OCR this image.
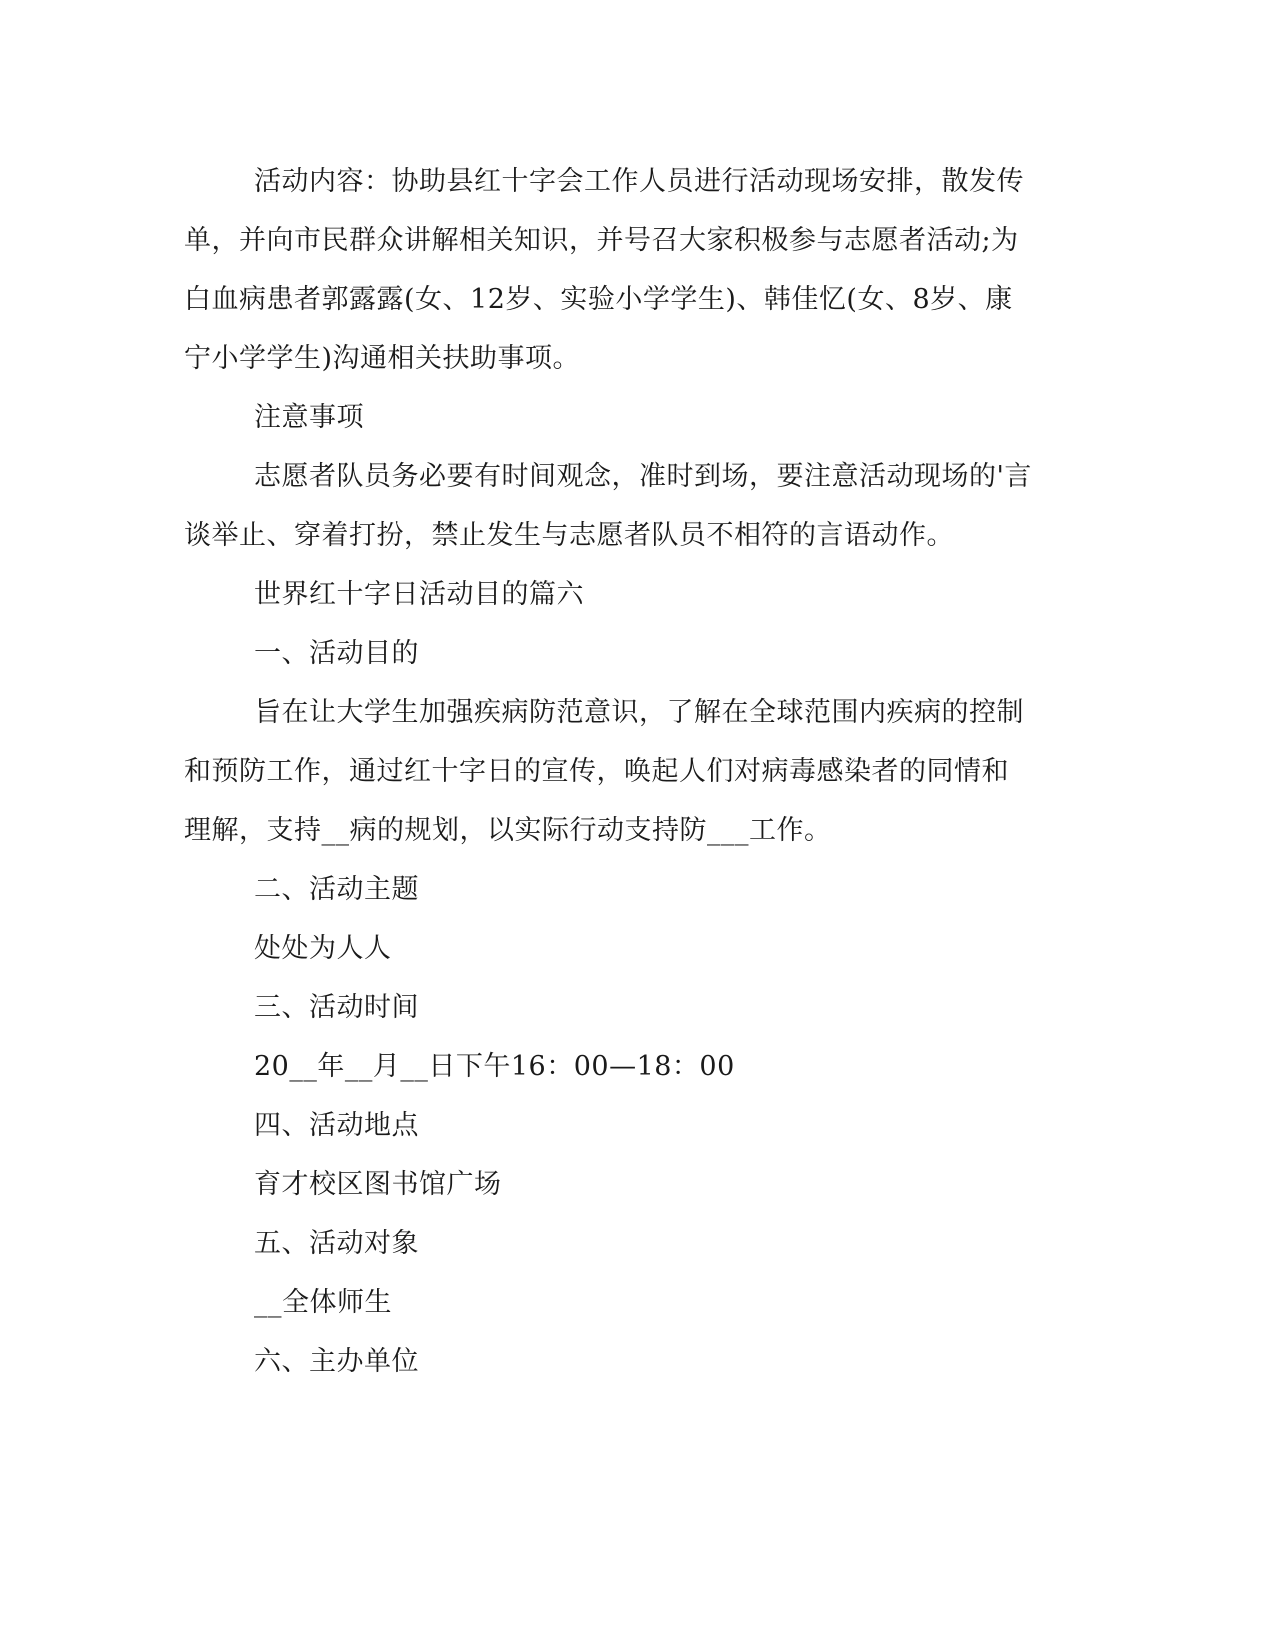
活动内容：协助县红十字会工作人员进行活动现场安排，散发传单，并向市民群众讲解相关知识，并号召大家积极参与志愿者活动;为白血病患者郭露露(女、12岁、实验小学学生)、韩佳忆(女、8岁、康宁小学学生)沟通相关扶助事项。

注意事项

志愿者队员务必要有时间观念，准时到场，要注意活动现场的'言谈举止、穿着打扮，禁止发生与志愿者队员不相符的言语动作。

世界红十字日活动目的篇六

一、活动目的

旨在让大学生加强疾病防范意识，了解在全球范围内疾病的控制和预防工作，通过红十字日的宣传，唤起人们对病毒感染者的同情和理解，支持__病的规划，以实际行动支持防___工作。

二、活动主题

处处为人人

三、活动时间

20__年__月__日下午16：00—18：00

四、活动地点

育才校区图书馆广场

五、活动对象

__全体师生

六、主办单位
